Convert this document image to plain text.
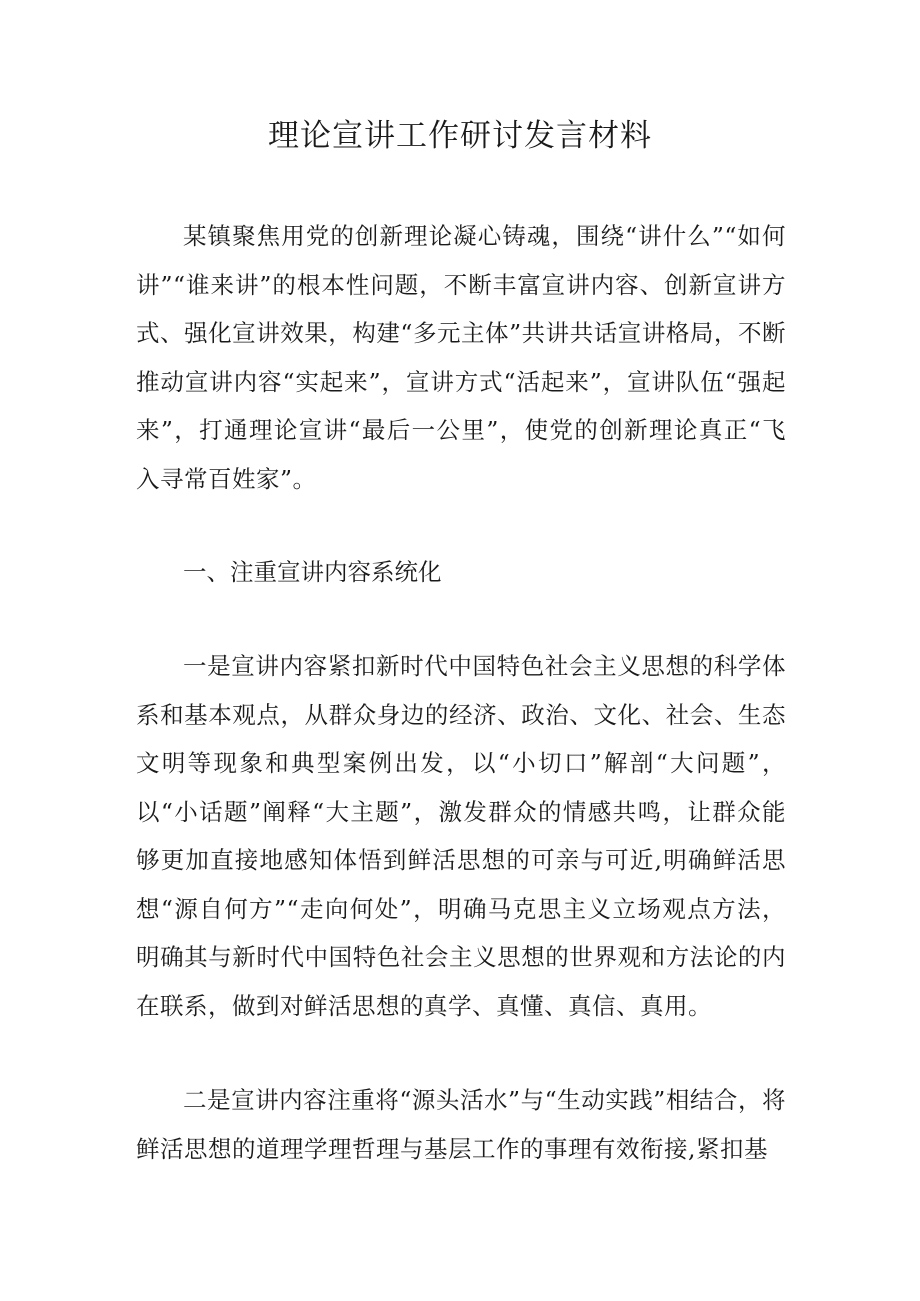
理论宣讲工作研讨发言材料

某镇聚焦用党的创新理论凝心铸魂，围绕“讲什么”“如何讲”“谁来讲”的根本性问题，不断丰富宣讲内容、创新宣讲方式、强化宣讲效果，构建“多元主体”共讲共话宣讲格局，不断推动宣讲内容“实起来”，宣讲方式“活起来”，宣讲队伍“强起来”，打通理论宣讲“最后一公里”，使党的创新理论真正“飞入寻常百姓家”。

一、注重宣讲内容系统化

一是宣讲内容紧扣新时代中国特色社会主义思想的科学体系和基本观点，从群众身边的经济、政治、文化、社会、生态文明等现象和典型案例出发，以“小切口”解剖“大问题”，以“小话题”阐释“大主题”，激发群众的情感共鸣，让群众能够更加直接地感知体悟到鲜活思想的可亲与可近,明确鲜活思想“源自何方”“走向何处”，明确马克思主义立场观点方法，明确其与新时代中国特色社会主义思想的世界观和方法论的内在联系，做到对鲜活思想的真学、真懂、真信、真用。

二是宣讲内容注重将“源头活水”与“生动实践”相结合，将鲜活思想的道理学理哲理与基层工作的事理有效衔接,紧扣基
